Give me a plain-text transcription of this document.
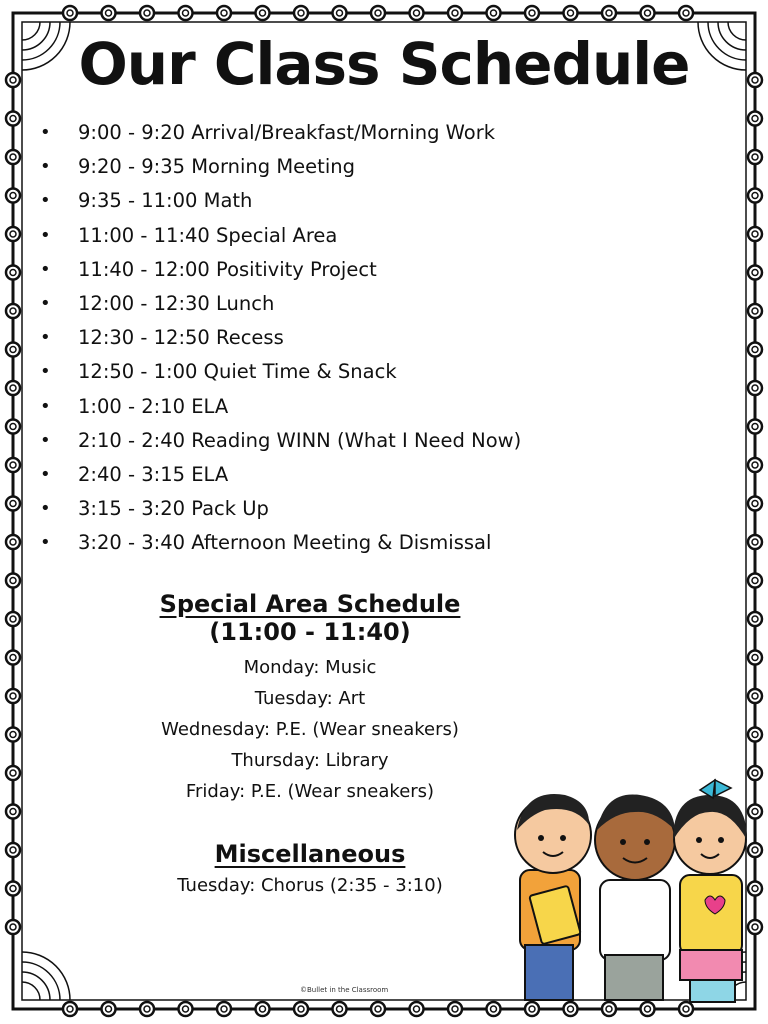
Our Class Schedule
• 9:00 - 9:20 Arrival/Breakfast/Morning Work
• 9:20 - 9:35 Morning Meeting
• 9:35 - 11:00 Math
• 11:00 - 11:40 Special Area
• 11:40 - 12:00 Positivity Project
• 12:00 - 12:30 Lunch
• 12:30 - 12:50 Recess
• 12:50 - 1:00 Quiet Time & Snack
• 1:00 - 2:10 ELA
• 2:10 - 2:40 Reading WINN (What I Need Now)
• 2:40 - 3:15 ELA
• 3:15 - 3:20 Pack Up
• 3:20 - 3:40 Afternoon Meeting & Dismissal
Special Area Schedule
(11:00 - 11:40)
Monday: Music
Tuesday: Art
Wednesday: P.E. (Wear sneakers)
Thursday: Library
Friday: P.E. (Wear sneakers)
Miscellaneous
Tuesday: Chorus (2:35 - 3:10)
©Bullet in the Classroom
